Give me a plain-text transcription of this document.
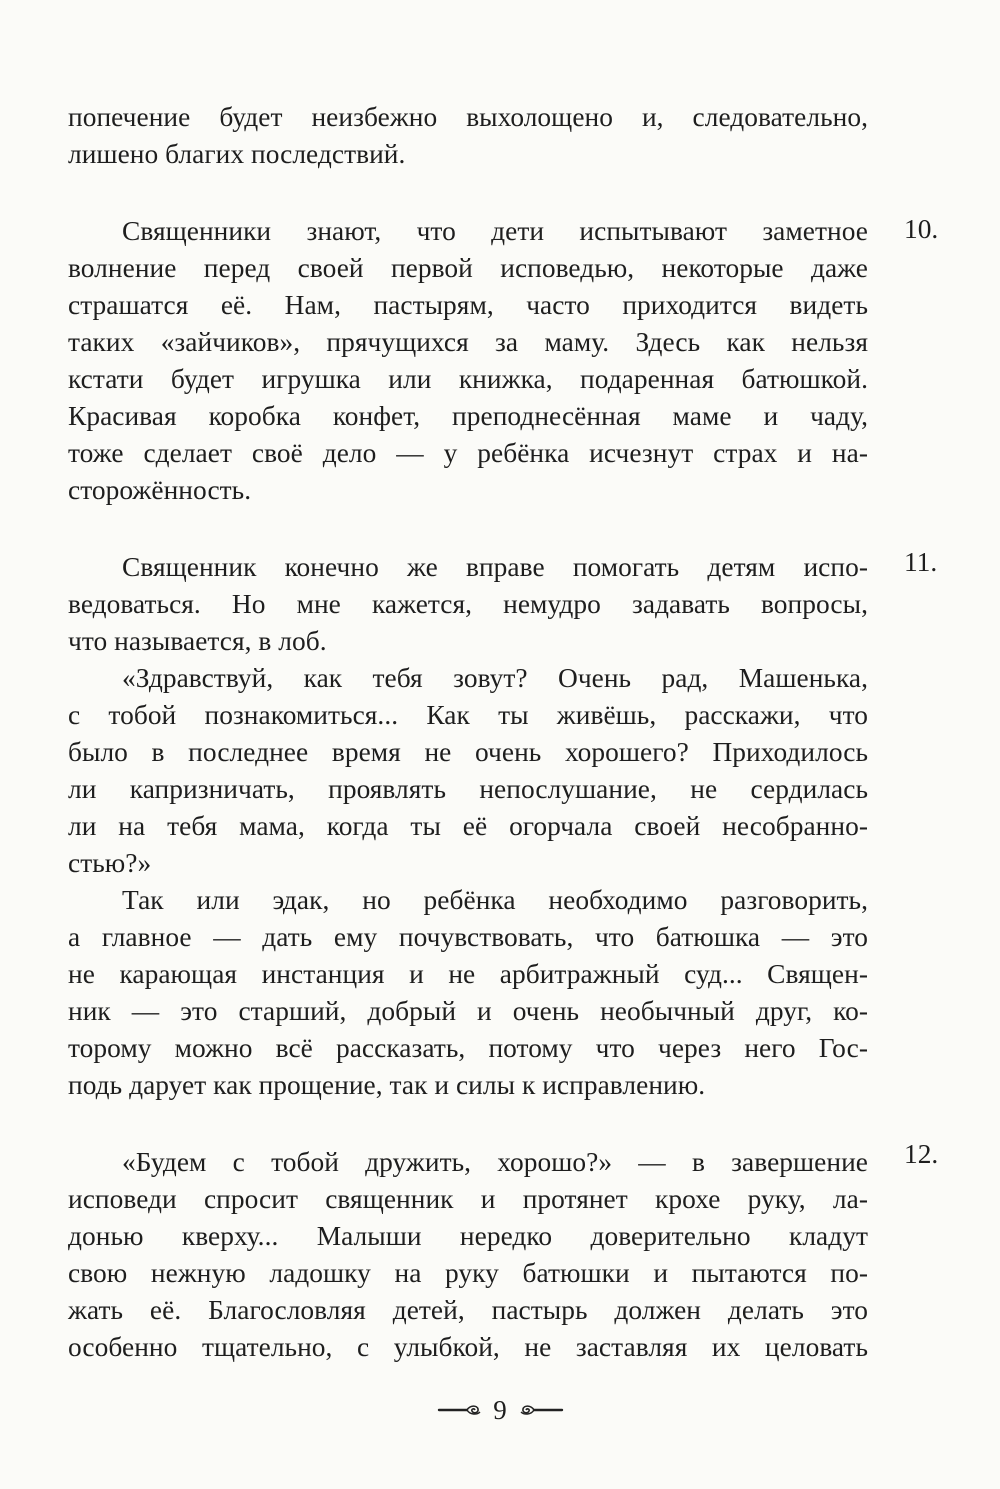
попечение будет неизбежно выхолощено и, следовательно,
лишено благих последствий.
Священники знают, что дети испытывают заметное
волнение перед своей первой исповедью, некоторые даже
страшатся её. Нам, пастырям, часто приходится видеть
таких «зайчиков», прячущихся за маму. Здесь как нельзя
кстати будет игрушка или книжка, подаренная батюшкой.
Красивая коробка конфет, преподнесённая маме и чаду,
тоже сделает своё дело — у ребёнка исчезнут страх и на-
сторожённость.
Священник конечно же вправе помогать детям испо-
ведоваться. Но мне кажется, немудро задавать вопросы,
что называется, в лоб.
«Здравствуй, как тебя зовут? Очень рад, Машенька,
с тобой познакомиться... Как ты живёшь, расскажи, что
было в последнее время не очень хорошего? Приходилось
ли капризничать, проявлять непослушание, не сердилась
ли на тебя мама, когда ты её огорчала своей несобранно-
стью?»
Так или эдак, но ребёнка необходимо разговорить,
а главное — дать ему почувствовать, что батюшка — это
не карающая инстанция и не арбитражный суд... Священ-
ник — это старший, добрый и очень необычный друг, ко-
торому можно всё рассказать, потому что через него Гос-
подь дарует как прощение, так и силы к исправлению.
«Будем с тобой дружить, хорошо?» — в завершение
исповеди спросит священник и протянет крохе руку, ла-
донью кверху... Малыши нередко доверительно кладут
свою нежную ладошку на руку батюшки и пытаются по-
жать её. Благословляя детей, пастырь должен делать это
особенно тщательно, с улыбкой, не заставляя их целовать
10.
11.
12.
9
